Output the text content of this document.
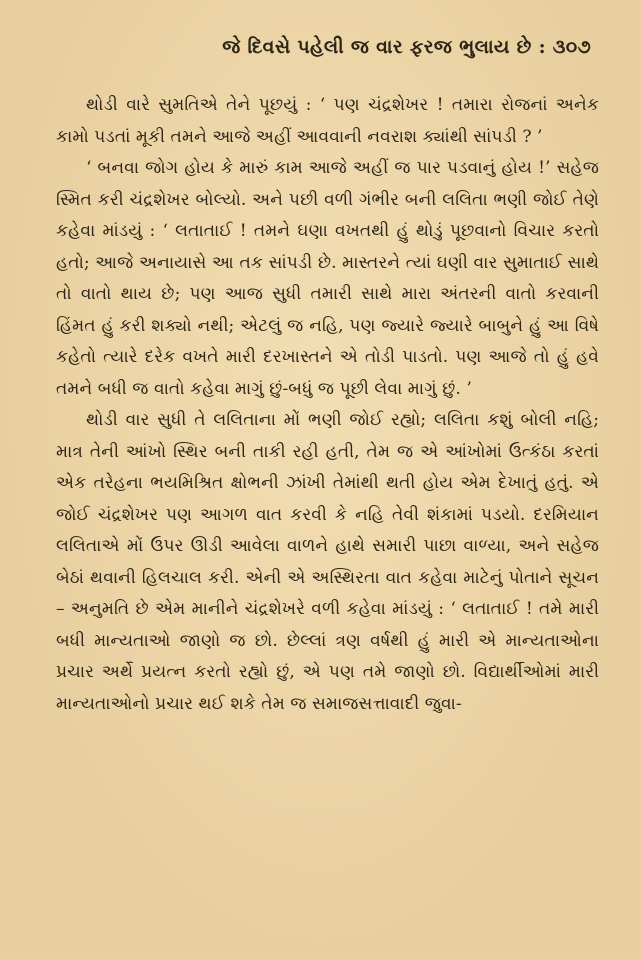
જે દિવસે પહેલી જ વાર ફરજ ભુલાય છે : ૩૦૭

થોડી વારે સુમતિએ તેને પૂછયું : ‘ પણ ચંદ્રશેખર ! તમારા રોજનાં અનેક કામો પડતાં મૂકી તમને આજે અહીં આવવાની નવરાશ ક્યાંથી સાંપડી ? ’

‘ બનવા જોગ હોય કે મારું કામ આજે અહીં જ પાર પડવાનું હોય !’ સહેજ સ્મિત કરી ચંદ્રશેખર બોલ્યો. અને પછી વળી ગંભીર બની લલિતા ભણી જોઈ તેણે કહેવા માંડયું : ‘ લતાતાઈ ! તમને ઘણા વખતથી હું થોડું પૂછવાનો વિચાર કરતો હતો; આજે અનાયાસે આ તક સાંપડી છે. માસ્તરને ત્યાં ઘણી વાર સુમાતાઈ સાથે તો વાતો થાય છે; પણ આજ સુધી તમારી સાથે મારા અંતરની વાતો કરવાની હિંમત હું કરી શક્યો નથી; એટલું જ નહિ, પણ જ્યારે જ્યારે બાબુને હું આ વિષે કહેતો ત્યારે દરેક વખતે મારી દરખાસ્તને એ તોડી પાડતો. પણ આજે તો હું હવે તમને બધી જ વાતો કહેવા માગું છું-બધું જ પૂછી લેવા માગું છું. ’

થોડી વાર સુધી તે લલિતાના મોં ભણી જોઈ રહ્યો; લલિતા કશું બોલી નહિ; માત્ર તેની આંખો સ્થિર બની તાકી રહી હતી, તેમ જ એ આંખોમાં ઉત્કંઠા કરતાં એક તરેહના ભયમિશ્રિત ક્ષોભની ઝાંખી તેમાંથી થતી હોય એમ દેખાતું હતું. એ જોઈ ચંદ્રશેખર પણ આગળ વાત કરવી કે નહિ તેવી શંકામાં પડયો. દરમિયાન લલિતાએ મોં ઉપર ઊડી આવેલા વાળને હાથે સમારી પાછા વાળ્યા, અને સહેજ બેઠાં થવાની હિલચાલ કરી. એની એ અસ્થિરતા વાત કહેવા માટેનું પોતાને સૂચન – અનુમતિ છે એમ માનીને ચંદ્રશેખરે વળી કહેવા માંડયું : ‘ લતાતાઈ ! તમે મારી બધી માન્યતાઓ જાણો જ છો. છેલ્લાં ત્રણ વર્ષથી હું મારી એ માન્યતાઓના પ્રચાર અર્થે પ્રયત્ન કરતો રહ્યો છું, એ પણ તમે જાણો છો. વિદ્યાર્થીઓમાં મારી માન્યતાઓનો પ્રચાર થઈ શકે તેમ જ સમાજસત્તાવાદી જુવા-
